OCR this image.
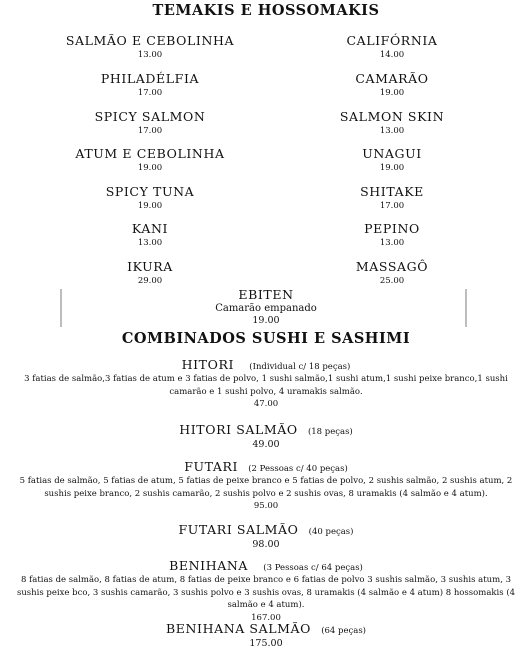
TEMAKIS E HOSSOMAKIS
SALMÃO E CEBOLINHA
13.00
PHILADÉLFIA
17.00
SPICY SALMON
17.00
ATUM E CEBOLINHA
19.00
SPICY TUNA
19.00
KANI
13.00
IKURA
29.00
CALIFÓRNIA
14.00
CAMARÃO
19.00
SALMON SKIN
13.00
UNAGUI
19.00
SHITAKE
17.00
PEPINO
13.00
MASSAGÔ
25.00
EBITEN
Camarão empanado
19.00
COMBINADOS SUSHI E SASHIMI
HITORI (Individual c/ 18 peças)
3 fatias de salmão,3 fatias de atum e 3 fatias de polvo, 1 sushi salmão,1 sushi atum,1 sushi peixe branco,1 sushi camarão e 1 sushi polvo, 4 uramakis salmão.
47.00
HITORI SALMÃO (18 peças)
49.00
FUTARI (2 Pessoas c/ 40 peças)
5 fatias de salmão, 5 fatias de atum, 5 fatias de peixe branco e 5 fatias de polvo, 2 sushis salmão, 2 sushis atum, 2 sushis peixe branco, 2 sushis camarão, 2 sushis polvo e 2 sushis ovas, 8 uramakis (4 salmão e 4 atum).
95.00
FUTARI SALMÃO (40 peças)
98.00
BENIHANA (3 Pessoas c/ 64 peças)
8 fatias de salmão, 8 fatias de atum, 8 fatias de peixe branco e 6 fatias de polvo 3 sushis salmão, 3 sushis atum, 3 sushis peixe bco, 3 sushis camarão, 3 sushis polvo e 3 sushis ovas, 8 uramakis (4 salmão e 4 atum) 8 hossomakis (4 salmão e 4 atum).
167.00
BENIHANA SALMÃO (64 peças)
175.00
